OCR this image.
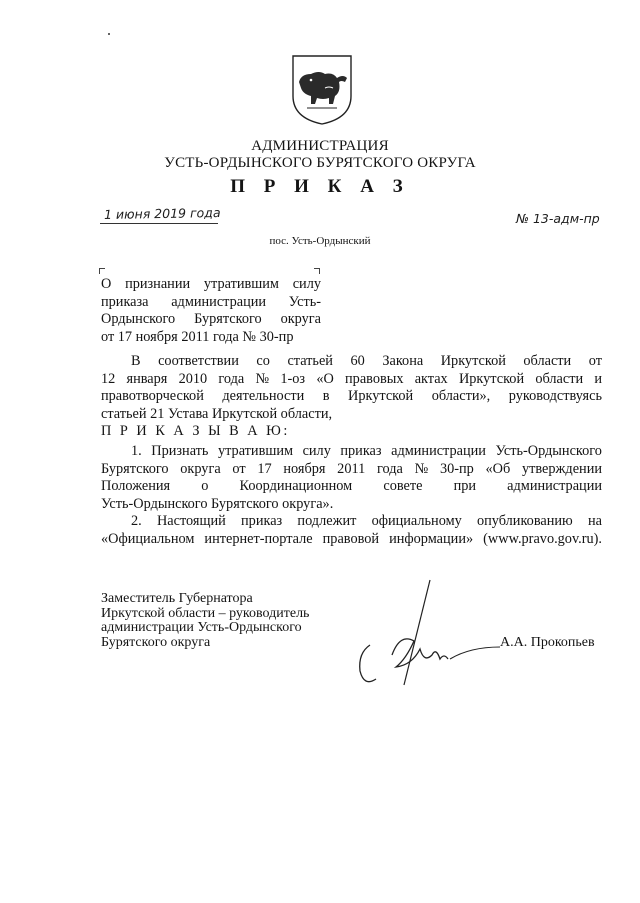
АДМИНИСТРАЦИЯ
УСТЬ-ОРДЫНСКОГО БУРЯТСКОГО ОКРУГА
П Р И К А З
1 июня 2019 года	№ 13-адм-пр
пос. Усть-Ордынский
О признании утратившим силу
приказа администрации Усть-
Ордынского Бурятского округа
от 17 ноября 2011 года № 30-пр
В соответствии со статьей 60 Закона Иркутской области от
12 января 2010 года № 1-оз «О правовых актах Иркутской области и
правотворческой деятельности в Иркутской области», руководствуясь
статьей 21 Устава Иркутской области,
П Р И К А З Ы В А Ю:
1. Признать утратившим силу приказ администрации Усть-Ордынского
Бурятского округа от 17 ноября 2011 года № 30-пр «Об утверждении
Положения о Координационном совете при администрации
Усть-Ордынского Бурятского округа».
2. Настоящий приказ подлежит официальному опубликованию на
«Официальном интернет-портале правовой информации» (www.pravo.gov.ru).
Заместитель Губернатора
Иркутской области – руководитель
администрации Усть-Ордынского
Бурятского округа	А.А. Прокопьев
